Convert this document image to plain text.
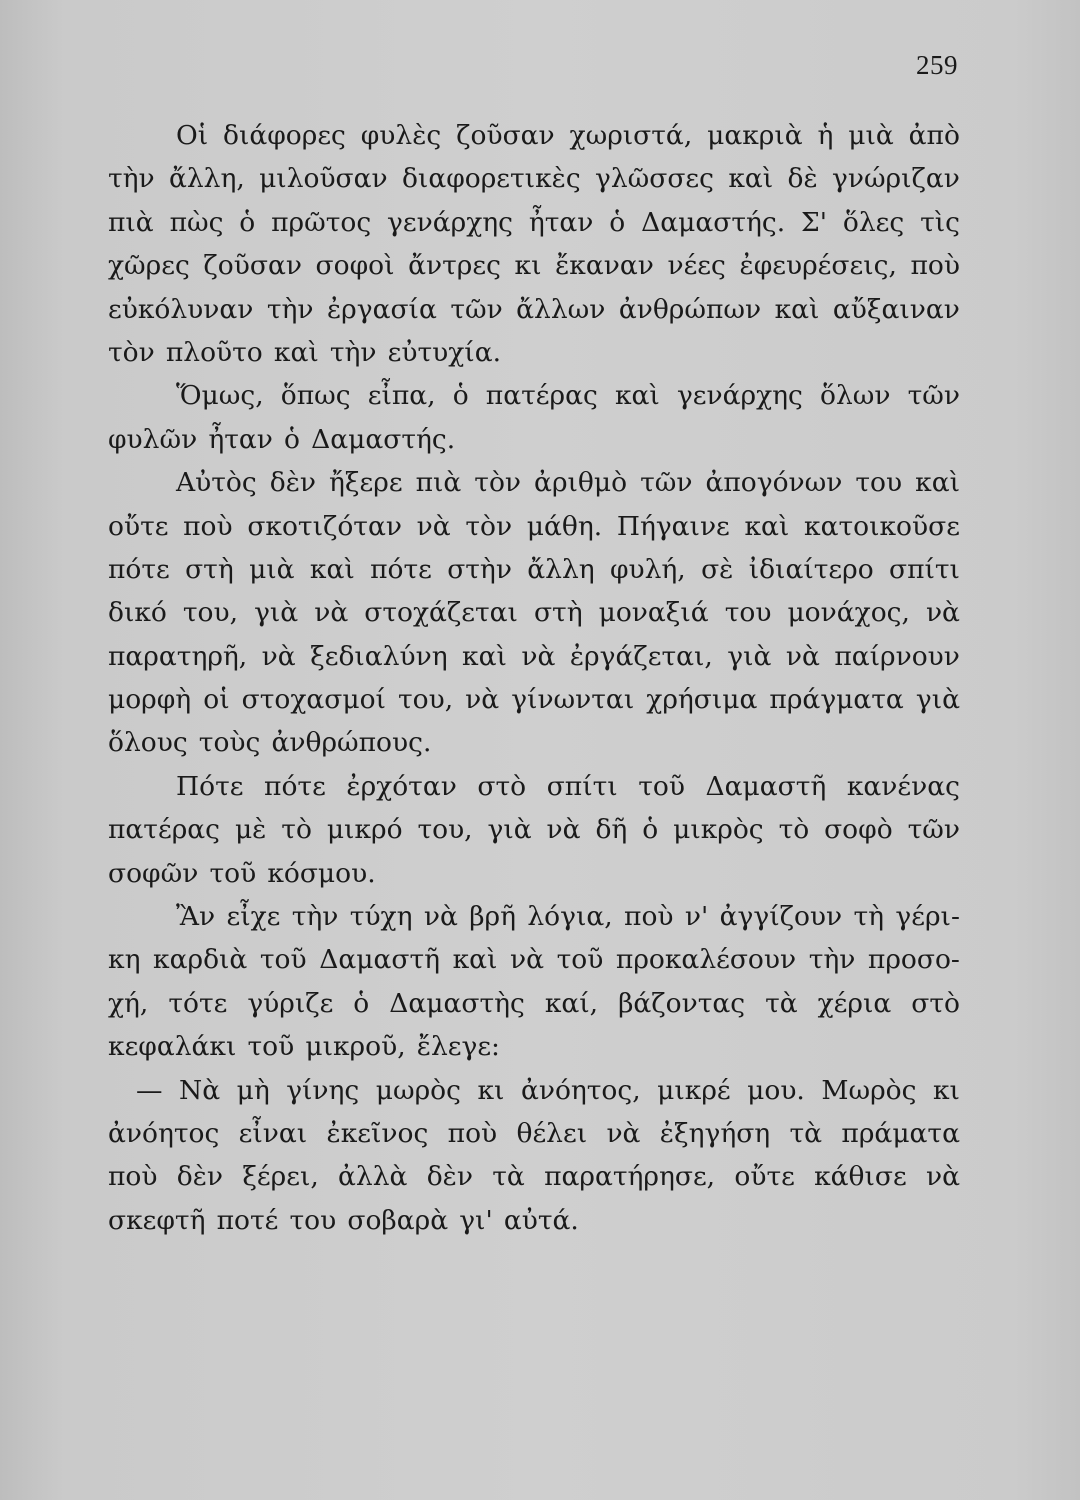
259
Οἱ διάφορες φυλὲς ζοῦσαν χωριστά, μακριὰ ἡ μιὰ ἀπὸ
τὴν ἄλλη, μιλοῦσαν διαφορετικὲς γλῶσσες καὶ δὲ γνώριζαν
πιὰ πὼς ὁ πρῶτος γενάρχης ἦταν ὁ Δαμαστής. Σ' ὅλες τὶς
χῶρες ζοῦσαν σοφοὶ ἄντρες κι ἔκαναν νέες ἐφευρέσεις, ποὺ
εὐκόλυναν τὴν ἐργασία τῶν ἄλλων ἀνθρώπων καὶ αὔξαιναν
τὸν πλοῦτο καὶ τὴν εὐτυχία.
Ὅμως, ὅπως εἶπα, ὁ πατέρας καὶ γενάρχης ὅλων τῶν
φυλῶν ἦταν ὁ Δαμαστής.
Αὐτὸς δὲν ἤξερε πιὰ τὸν ἀριθμὸ τῶν ἀπογόνων του καὶ
οὔτε ποὺ σκοτιζόταν νὰ τὸν μάθη. Πήγαινε καὶ κατοικοῦσε
πότε στὴ μιὰ καὶ πότε στὴν ἄλλη φυλή, σὲ ἰδιαίτερο σπίτι
δικό του, γιὰ νὰ στοχάζεται στὴ μοναξιά του μονάχος, νὰ
παρατηρῆ, νὰ ξεδιαλύνη καὶ νὰ ἐργάζεται, γιὰ νὰ παίρνουν
μορφὴ οἱ στοχασμοί του, νὰ γίνωνται χρήσιμα πράγματα γιὰ
ὅλους τοὺς ἀνθρώπους.
Πότε πότε ἐρχόταν στὸ σπίτι τοῦ Δαμαστῆ κανένας
πατέρας μὲ τὸ μικρό του, γιὰ νὰ δῆ ὁ μικρὸς τὸ σοφὸ τῶν
σοφῶν τοῦ κόσμου.
Ἂν εἶχε τὴν τύχη νὰ βρῆ λόγια, ποὺ ν' ἀγγίζουν τὴ γέρι-
κη καρδιὰ τοῦ Δαμαστῆ καὶ νὰ τοῦ προκαλέσουν τὴν προσο-
χή, τότε γύριζε ὁ Δαμαστὴς καί, βάζοντας τὰ χέρια στὸ
κεφαλάκι τοῦ μικροῦ, ἔλεγε:
— Νὰ μὴ γίνης μωρὸς κι ἀνόητος, μικρέ μου. Μωρὸς κι
ἀνόητος εἶναι ἐκεῖνος ποὺ θέλει νὰ ἐξηγήση τὰ πράματα
ποὺ δὲν ξέρει, ἀλλὰ δὲν τὰ παρατήρησε, οὔτε κάθισε νὰ
σκεφτῆ ποτέ του σοβαρὰ γι' αὐτά.
